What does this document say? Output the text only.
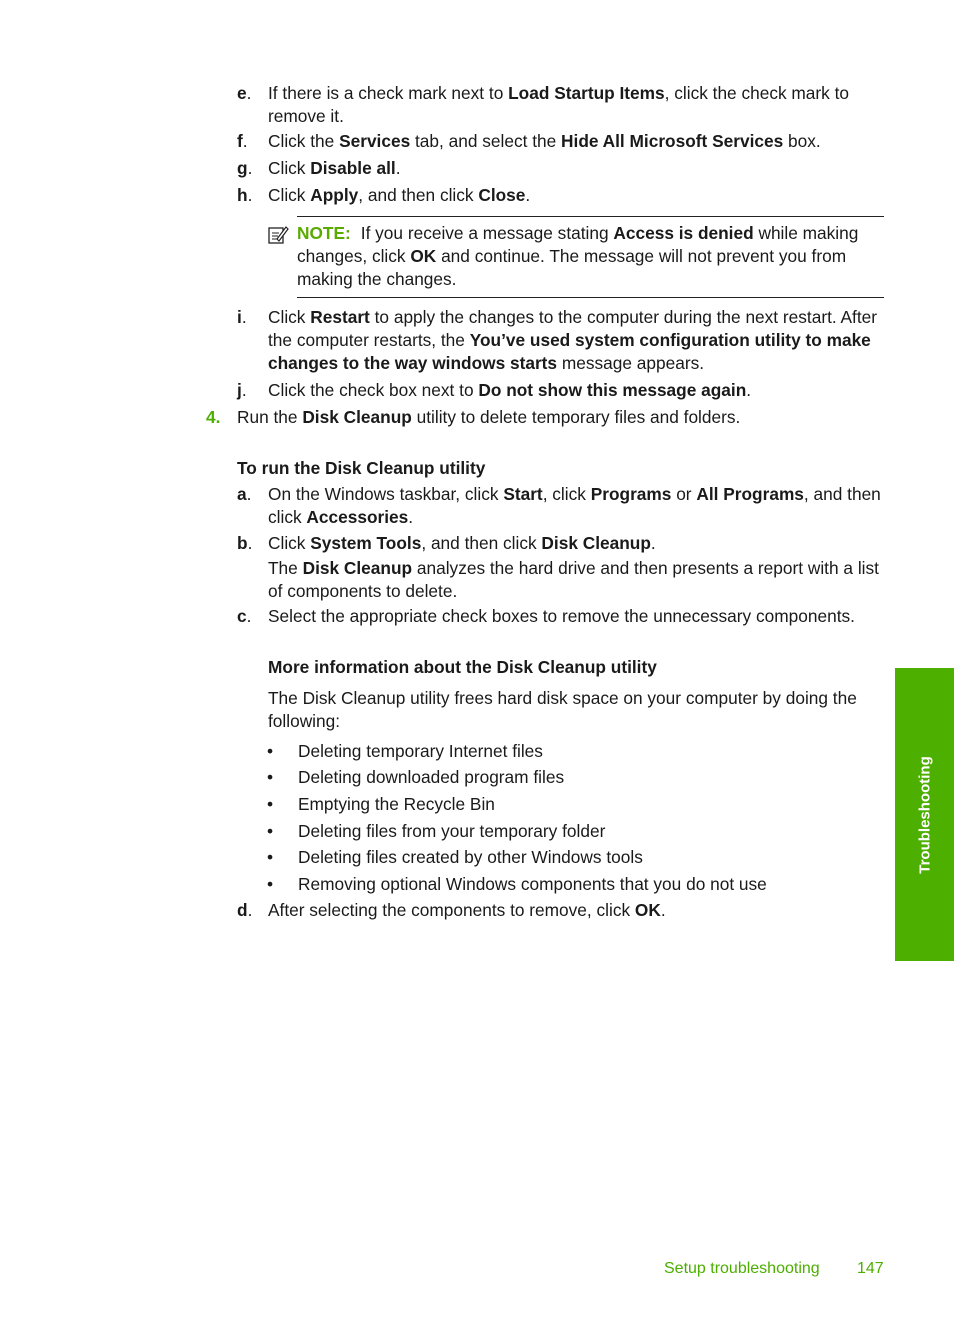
e. If there is a check mark next to Load Startup Items, click the check mark to remove it.
f. Click the Services tab, and select the Hide All Microsoft Services box.
g. Click Disable all.
h. Click Apply, and then click Close.
NOTE: If you receive a message stating Access is denied while making changes, click OK and continue. The message will not prevent you from making the changes.
i. Click Restart to apply the changes to the computer during the next restart. After the computer restarts, the You’ve used system configuration utility to make changes to the way windows starts message appears.
j. Click the check box next to Do not show this message again.
4. Run the Disk Cleanup utility to delete temporary files and folders.
To run the Disk Cleanup utility
a. On the Windows taskbar, click Start, click Programs or All Programs, and then click Accessories.
b. Click System Tools, and then click Disk Cleanup.
The Disk Cleanup analyzes the hard drive and then presents a report with a list of components to delete.
c. Select the appropriate check boxes to remove the unnecessary components.
More information about the Disk Cleanup utility
The Disk Cleanup utility frees hard disk space on your computer by doing the following:
• Deleting temporary Internet files
• Deleting downloaded program files
• Emptying the Recycle Bin
• Deleting files from your temporary folder
• Deleting files created by other Windows tools
• Removing optional Windows components that you do not use
d. After selecting the components to remove, click OK.
Troubleshooting
Setup troubleshooting 147
